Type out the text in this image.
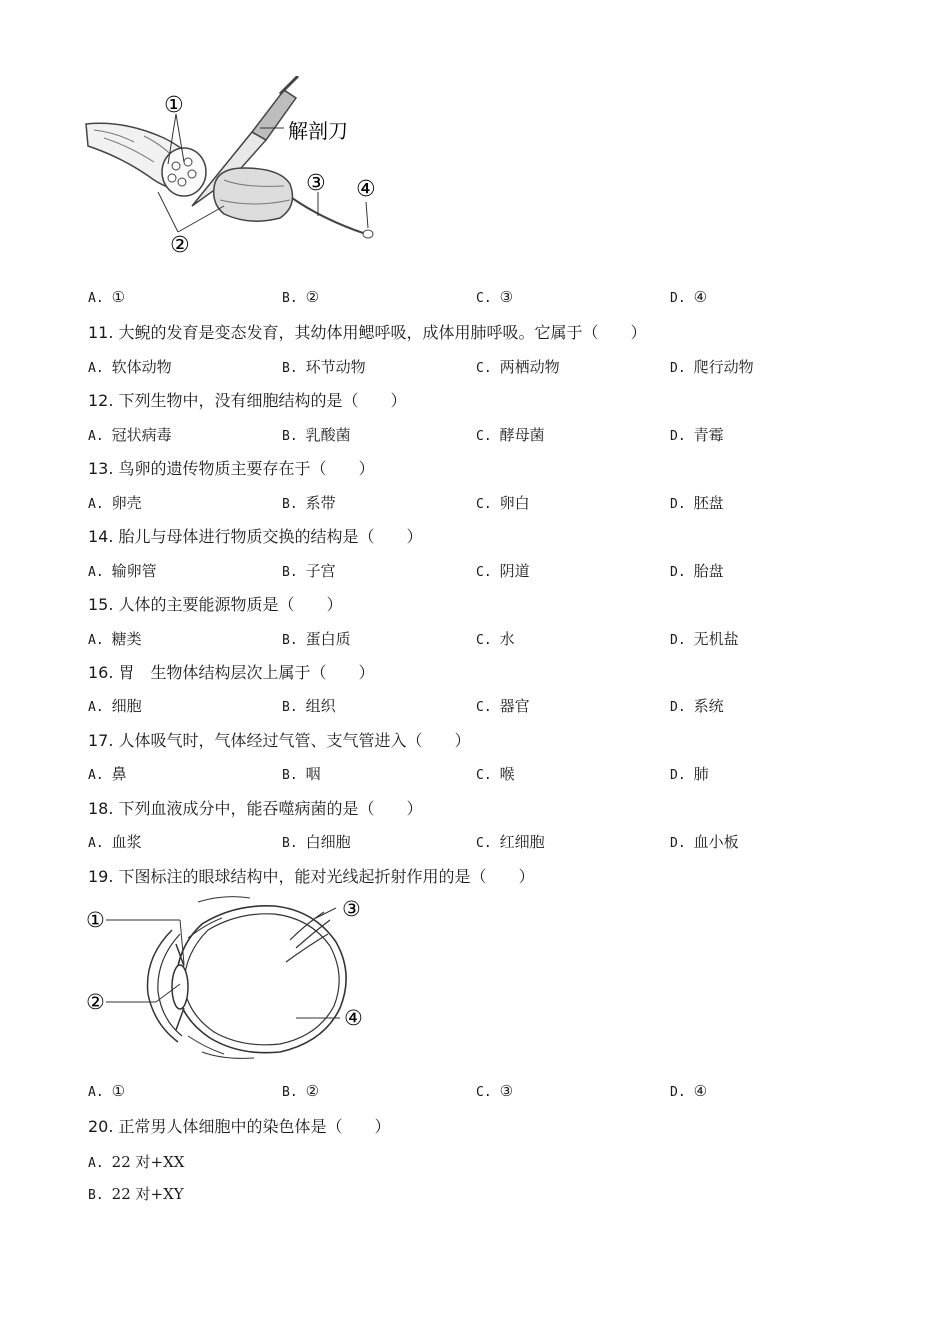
①
②
③ ④
解剖刀
A. ①	B. ②	C. ③	D. ④
11. 大鲵的发育是变态发育，其幼体用鳃呼吸，成体用肺呼吸。它属于（　　）
A. 软体动物	B. 环节动物	C. 两栖动物	D. 爬行动物
12. 下列生物中，没有细胞结构的是（　　）
A. 冠状病毒	B. 乳酸菌	C. 酵母菌	D. 青霉
13. 鸟卵的遗传物质主要存在于（　　）
A. 卵壳	B. 系带	C. 卵白	D. 胚盘
14. 胎儿与母体进行物质交换的结构是（　　）
A. 输卵管	B. 子宫	C. 阴道	D. 胎盘
15. 人体的主要能源物质是（　　）
A. 糖类	B. 蛋白质	C. 水	D. 无机盐
16. 胃　生物体结构层次上属于（　　）
A. 细胞	B. 组织	C. 器官	D. 系统
17. 人体吸气时，气体经过气管、支气管进入（　　）
A. 鼻	B. 咽	C. 喉	D. 肺
18. 下列血液成分中，能吞噬病菌的是（　　）
A. 血浆	B. 白细胞	C. 红细胞	D. 血小板
19. 下图标注的眼球结构中，能对光线起折射作用的是（　　）
①
②
③
④
A. ①	B. ②	C. ③	D. ④
20. 正常男人体细胞中的染色体是（　　）
A. 22 对+XX
B. 22 对+XY
